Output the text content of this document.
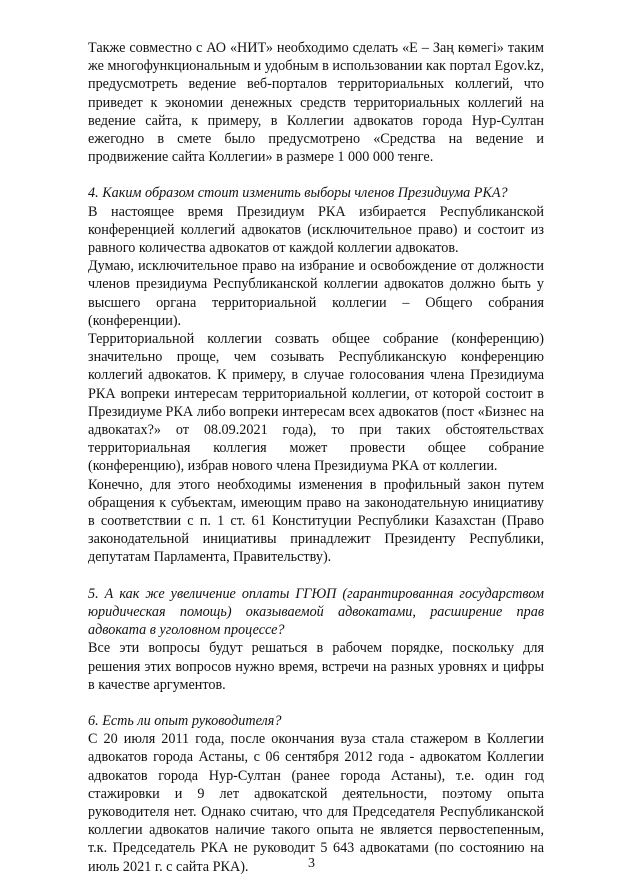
Также совместно с АО «НИТ» необходимо сделать «Е – Заң көмегі» таким же многофункциональным и удобным в использовании как портал Egov.kz, предусмотреть ведение веб-порталов территориальных коллегий, что приведет к экономии денежных средств территориальных коллегий на ведение сайта, к примеру, в Коллегии адвокатов города Нур-Султан ежегодно в смете было предусмотрено «Средства на ведение и продвижение сайта Коллегии» в размере 1 000 000 тенге.

4. Каким образом стоит изменить выборы членов Президиума РКА?

В настоящее время Президиум РКА избирается Республиканской конференцией коллегий адвокатов (исключительное право) и состоит из равного количества адвокатов от каждой коллегии адвокатов.

Думаю, исключительное право на избрание и освобождение от должности членов президиума Республиканской коллегии адвокатов должно быть у высшего органа территориальной коллегии – Общего собрания (конференции).

Территориальной коллегии созвать общее собрание (конференцию) значительно проще, чем созывать Республиканскую конференцию коллегий адвокатов. К примеру, в случае голосования члена Президиума РКА вопреки интересам территориальной коллегии, от которой состоит в Президиуме РКА либо вопреки интересам всех адвокатов (пост «Бизнес на адвокатах?» от 08.09.2021 года), то при таких обстоятельствах территориальная коллегия может провести общее собрание (конференцию), избрав нового члена Президиума РКА от коллегии.

Конечно, для этого необходимы изменения в профильный закон путем обращения к субъектам, имеющим право на законодательную инициативу в соответствии с п. 1 ст. 61 Конституции Республики Казахстан (Право законодательной инициативы принадлежит Президенту Республики, депутатам Парламента, Правительству).

5. А как же увеличение оплаты ГГЮП (гарантированная государством юридическая помощь) оказываемой адвокатами, расширение прав адвоката в уголовном процессе?

Все эти вопросы будут решаться в рабочем порядке, поскольку для решения этих вопросов нужно время, встречи на разных уровнях и цифры в качестве аргументов.

6. Есть ли опыт руководителя?

С 20 июля 2011 года, после окончания вуза стала стажером в Коллегии адвокатов города Астаны, с 06 сентября 2012 года - адвокатом Коллегии адвокатов города Нур-Султан (ранее города Астаны), т.е. один год стажировки и 9 лет адвокатской деятельности, поэтому опыта руководителя нет. Однако считаю, что для Председателя Республиканской коллегии адвокатов наличие такого опыта не является первостепенным, т.к. Председатель РКА не руководит 5 643 адвокатами (по состоянию на июль 2021 г. с сайта РКА).	3
